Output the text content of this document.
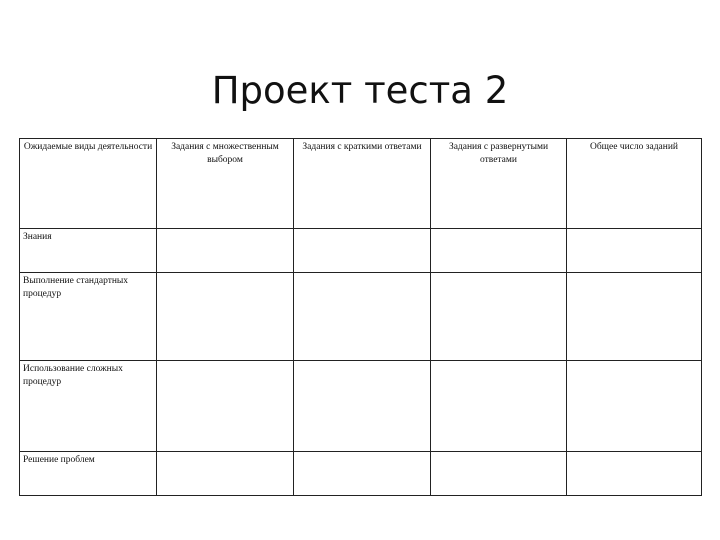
Проект теста 2
Ожидаемые виды деятельности	Задания с множественным выбором	Задания с краткими ответами	Задания с развернутыми ответами	Общее число заданий
Знания				
Выполнение стандартных процедур				
Использование сложных процедур				
Решение проблем				
